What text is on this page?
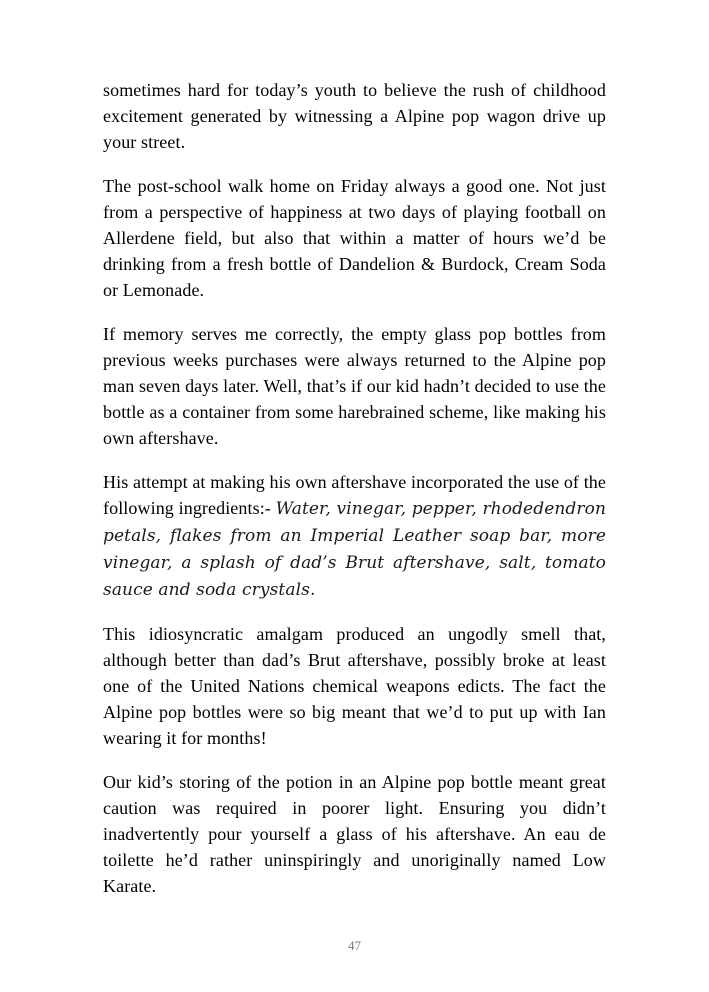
sometimes hard for today’s youth to believe the rush of childhood excitement generated by witnessing a Alpine pop wagon drive up your street.

The post-school walk home on Friday always a good one. Not just from a perspective of happiness at two days of playing football on Allerdene field, but also that within a matter of hours we’d be drinking from a fresh bottle of Dandelion & Burdock, Cream Soda or Lemonade.

If memory serves me correctly, the empty glass pop bottles from previous weeks purchases were always returned to the Alpine pop man seven days later. Well, that’s if our kid hadn’t decided to use the bottle as a container from some harebrained scheme, like making his own aftershave.

His attempt at making his own aftershave incorporated the use of the following ingredients:- Water, vinegar, pepper, rhodedendron petals, flakes from an Imperial Leather soap bar, more vinegar, a splash of dad’s Brut aftershave, salt, tomato sauce and soda crystals.

This idiosyncratic amalgam produced an ungodly smell that, although better than dad’s Brut aftershave, possibly broke at least one of the United Nations chemical weapons edicts. The fact the Alpine pop bottles were so big meant that we’d to put up with Ian wearing it for months!

Our kid’s storing of the potion in an Alpine pop bottle meant great caution was required in poorer light. Ensuring you didn’t inadvertently pour yourself a glass of his aftershave. An eau de toilette he’d rather uninspiringly and unoriginally named Low Karate.

47
